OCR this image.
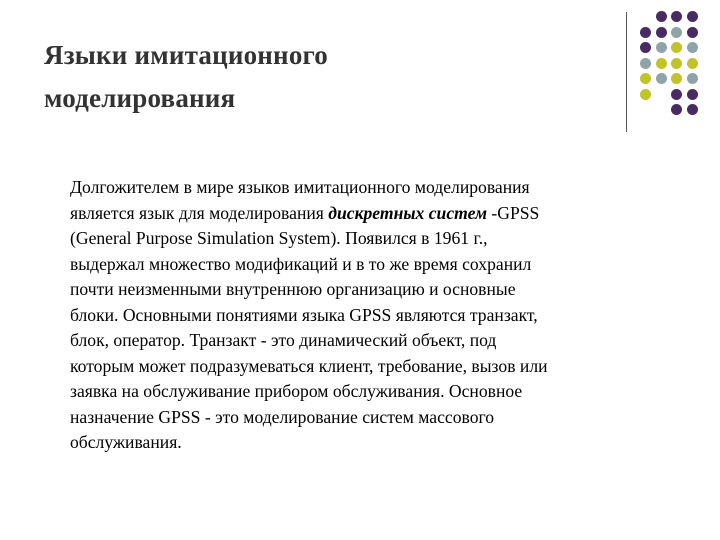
Языки имитационного
моделирования

Долгожителем в мире языков имитационного моделирования
является язык для моделирования дискретных систем -GPSS
(General Purpose Simulation System). Появился в 1961 г.,
выдержал множество модификаций и в то же время сохранил
почти неизменными внутреннюю организацию и основные
блоки. Основными понятиями языка GPSS являются транзакт,
блок, оператор. Транзакт - это динамический объект, под
которым может подразумеваться клиент, требование, вызов или
заявка на обслуживание прибором обслуживания. Основное
назначение GPSS - это моделирование систем массового
обслуживания.
